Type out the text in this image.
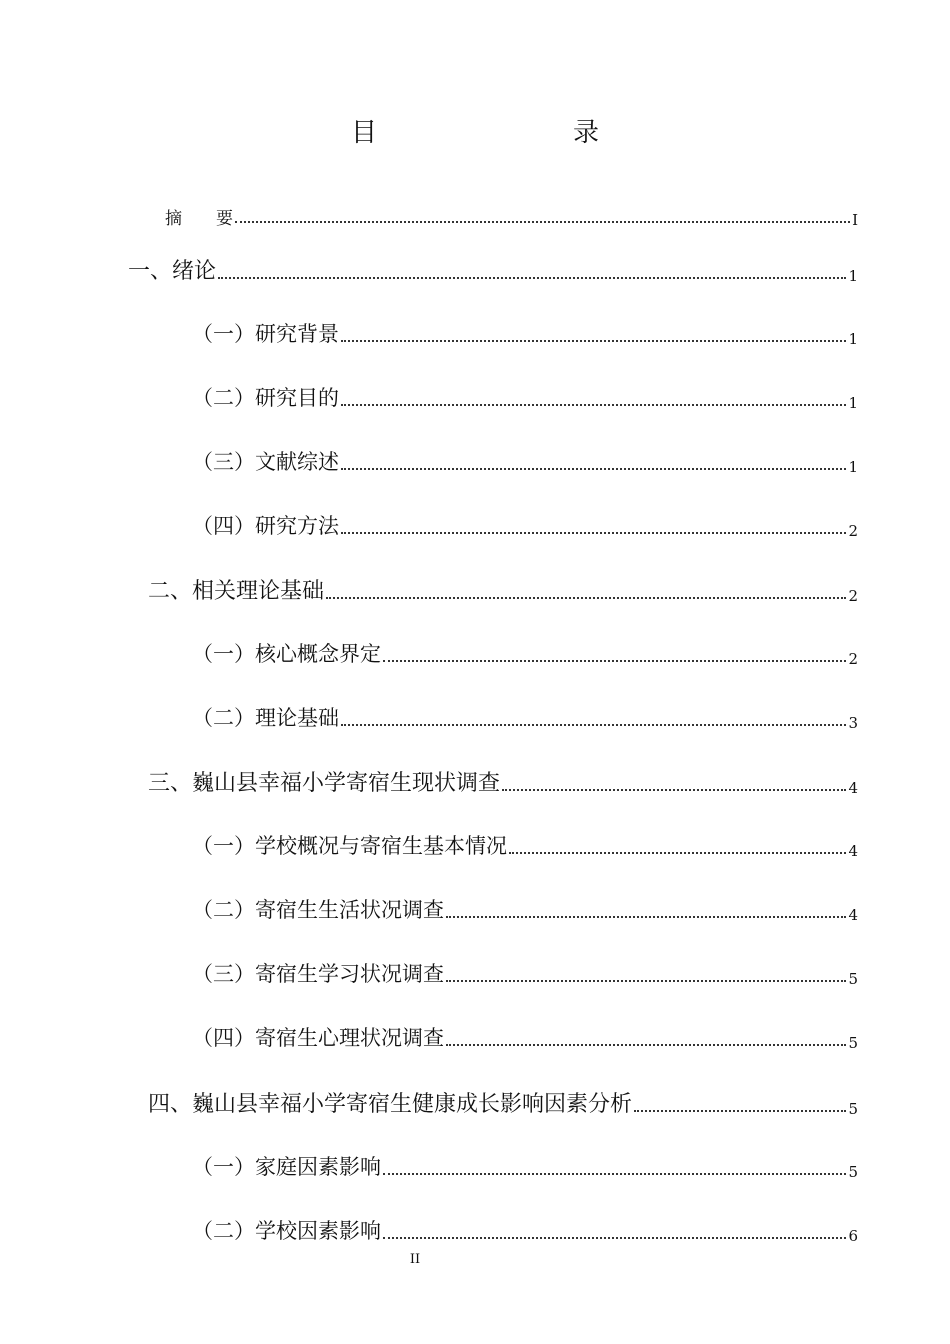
目　　录
摘　　要	I
一、绪论	1
（一）研究背景	1
（二）研究目的	1
（三）文献综述	1
（四）研究方法	2
二、相关理论基础	2
（一）核心概念界定	2
（二）理论基础	3
三、巍山县幸福小学寄宿生现状调查	4
（一）学校概况与寄宿生基本情况	4
（二）寄宿生生活状况调查	4
（三）寄宿生学习状况调查	5
（四）寄宿生心理状况调查	5
四、巍山县幸福小学寄宿生健康成长影响因素分析	5
（一）家庭因素影响	5
（二）学校因素影响	6
II
